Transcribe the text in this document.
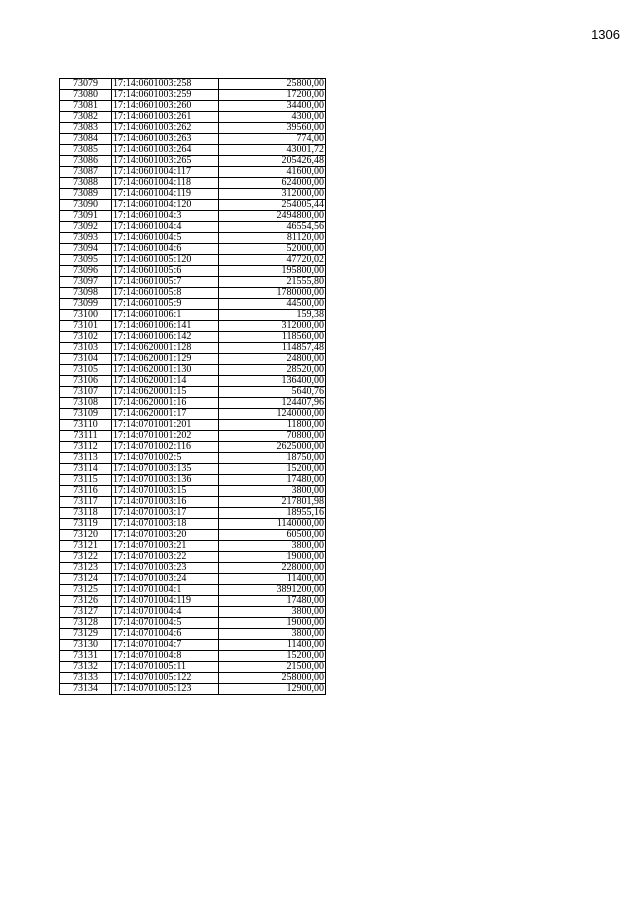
1306
73079	17:14:0601003:258	25800,00
73080	17:14:0601003:259	17200,00
73081	17:14:0601003:260	34400,00
73082	17:14:0601003:261	4300,00
73083	17:14:0601003:262	39560,00
73084	17:14:0601003:263	774,00
73085	17:14:0601003:264	43001,72
73086	17:14:0601003:265	205426,48
73087	17:14:0601004:117	41600,00
73088	17:14:0601004:118	624000,00
73089	17:14:0601004:119	312000,00
73090	17:14:0601004:120	254005,44
73091	17:14:0601004:3	2494800,00
73092	17:14:0601004:4	46554,56
73093	17:14:0601004:5	81120,00
73094	17:14:0601004:6	52000,00
73095	17:14:0601005:120	47720,02
73096	17:14:0601005:6	195800,00
73097	17:14:0601005:7	21555,80
73098	17:14:0601005:8	1780000,00
73099	17:14:0601005:9	44500,00
73100	17:14:0601006:1	159,38
73101	17:14:0601006:141	312000,00
73102	17:14:0601006:142	118560,00
73103	17:14:0620001:128	114857,48
73104	17:14:0620001:129	24800,00
73105	17:14:0620001:130	28520,00
73106	17:14:0620001:14	136400,00
73107	17:14:0620001:15	5640,76
73108	17:14:0620001:16	124407,96
73109	17:14:0620001:17	1240000,00
73110	17:14:0701001:201	11800,00
73111	17:14:0701001:202	70800,00
73112	17:14:0701002:116	2625000,00
73113	17:14:0701002:5	18750,00
73114	17:14:0701003:135	15200,00
73115	17:14:0701003:136	17480,00
73116	17:14:0701003:15	3800,00
73117	17:14:0701003:16	217801,98
73118	17:14:0701003:17	18955,16
73119	17:14:0701003:18	1140000,00
73120	17:14:0701003:20	60500,00
73121	17:14:0701003:21	3800,00
73122	17:14:0701003:22	19000,00
73123	17:14:0701003:23	228000,00
73124	17:14:0701003:24	11400,00
73125	17:14:0701004:1	3891200,00
73126	17:14:0701004:119	17480,00
73127	17:14:0701004:4	3800,00
73128	17:14:0701004:5	19000,00
73129	17:14:0701004:6	3800,00
73130	17:14:0701004:7	11400,00
73131	17:14:0701004:8	15200,00
73132	17:14:0701005:11	21500,00
73133	17:14:0701005:122	258000,00
73134	17:14:0701005:123	12900,00
